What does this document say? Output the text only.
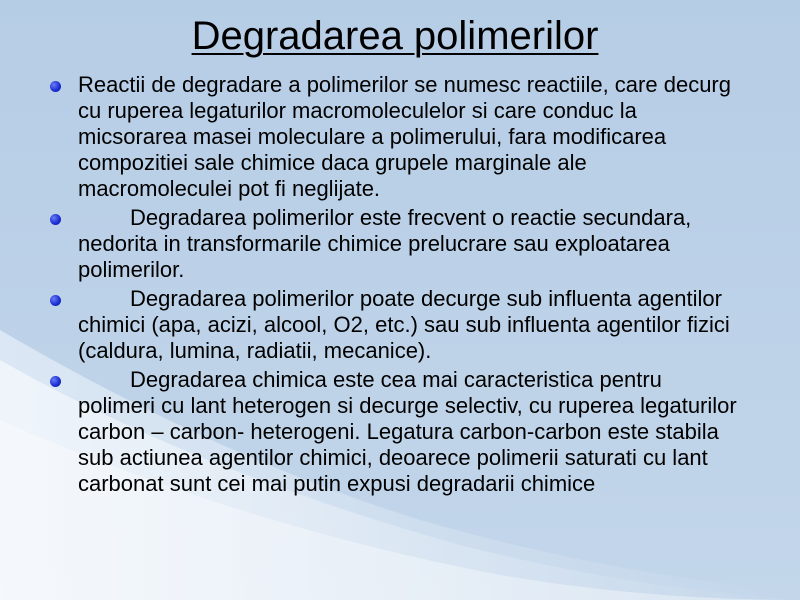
Degradarea polimerilor
Reactii de degradare a polimerilor se numesc reactiile, care decurg cu ruperea legaturilor macromoleculelor si care conduc la micsorarea masei moleculare a polimerului, fara modificarea compozitiei sale chimice daca grupele marginale ale macromoleculei pot fi neglijate.
Degradarea polimerilor este frecvent o reactie secundara, nedorita in transformarile chimice prelucrare sau exploatarea polimerilor.
Degradarea polimerilor poate decurge sub influenta agentilor chimici (apa, acizi, alcool, O2, etc.) sau sub influenta agentilor fizici (caldura, lumina, radiatii, mecanice).
Degradarea chimica este cea mai caracteristica pentru polimeri cu lant heterogen si decurge selectiv, cu ruperea legaturilor carbon – carbon- heterogeni. Legatura carbon-carbon este stabila sub actiunea agentilor chimici, deoarece polimerii saturati cu lant carbonat sunt cei mai putin expusi degradarii chimice
